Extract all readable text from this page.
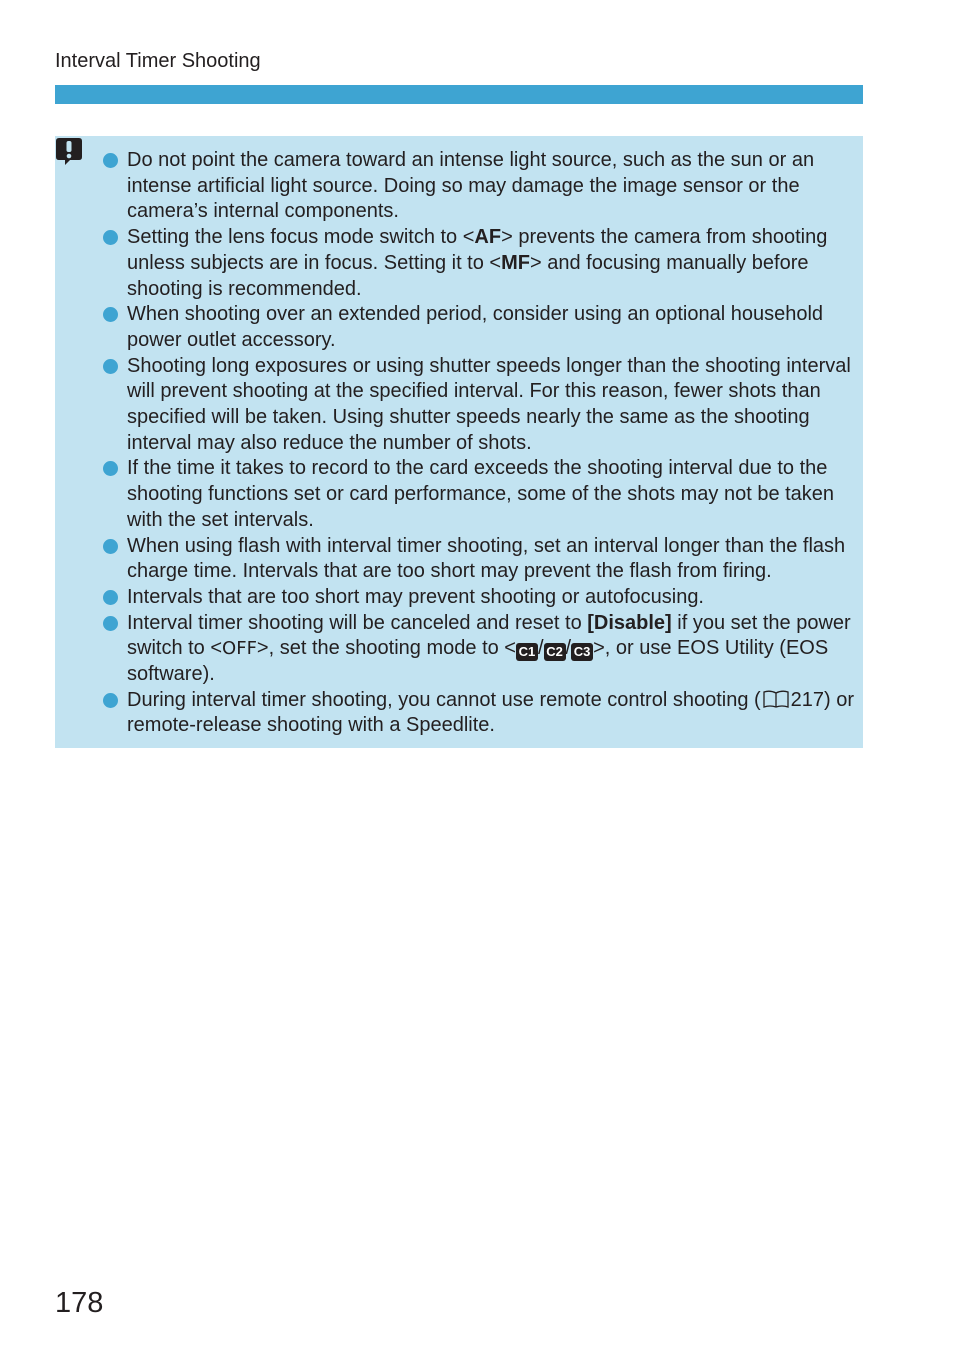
Interval Timer Shooting
Do not point the camera toward an intense light source, such as the sun or an intense artificial light source. Doing so may damage the image sensor or the camera’s internal components.
Setting the lens focus mode switch to <AF> prevents the camera from shooting unless subjects are in focus. Setting it to <MF> and focusing manually before shooting is recommended.
When shooting over an extended period, consider using an optional household power outlet accessory.
Shooting long exposures or using shutter speeds longer than the shooting interval will prevent shooting at the specified interval. For this reason, fewer shots than specified will be taken. Using shutter speeds nearly the same as the shooting interval may also reduce the number of shots.
If the time it takes to record to the card exceeds the shooting interval due to the shooting functions set or card performance, some of the shots may not be taken with the set intervals.
When using flash with interval timer shooting, set an interval longer than the flash charge time. Intervals that are too short may prevent the flash from firing.
Intervals that are too short may prevent shooting or autofocusing.
Interval timer shooting will be canceled and reset to [Disable] if you set the power switch to <OFF>, set the shooting mode to < C1 / C2 / C3 >, or use EOS Utility (EOS software).
During interval timer shooting, you cannot use remote control shooting ( 217) or remote-release shooting with a Speedlite.
178
